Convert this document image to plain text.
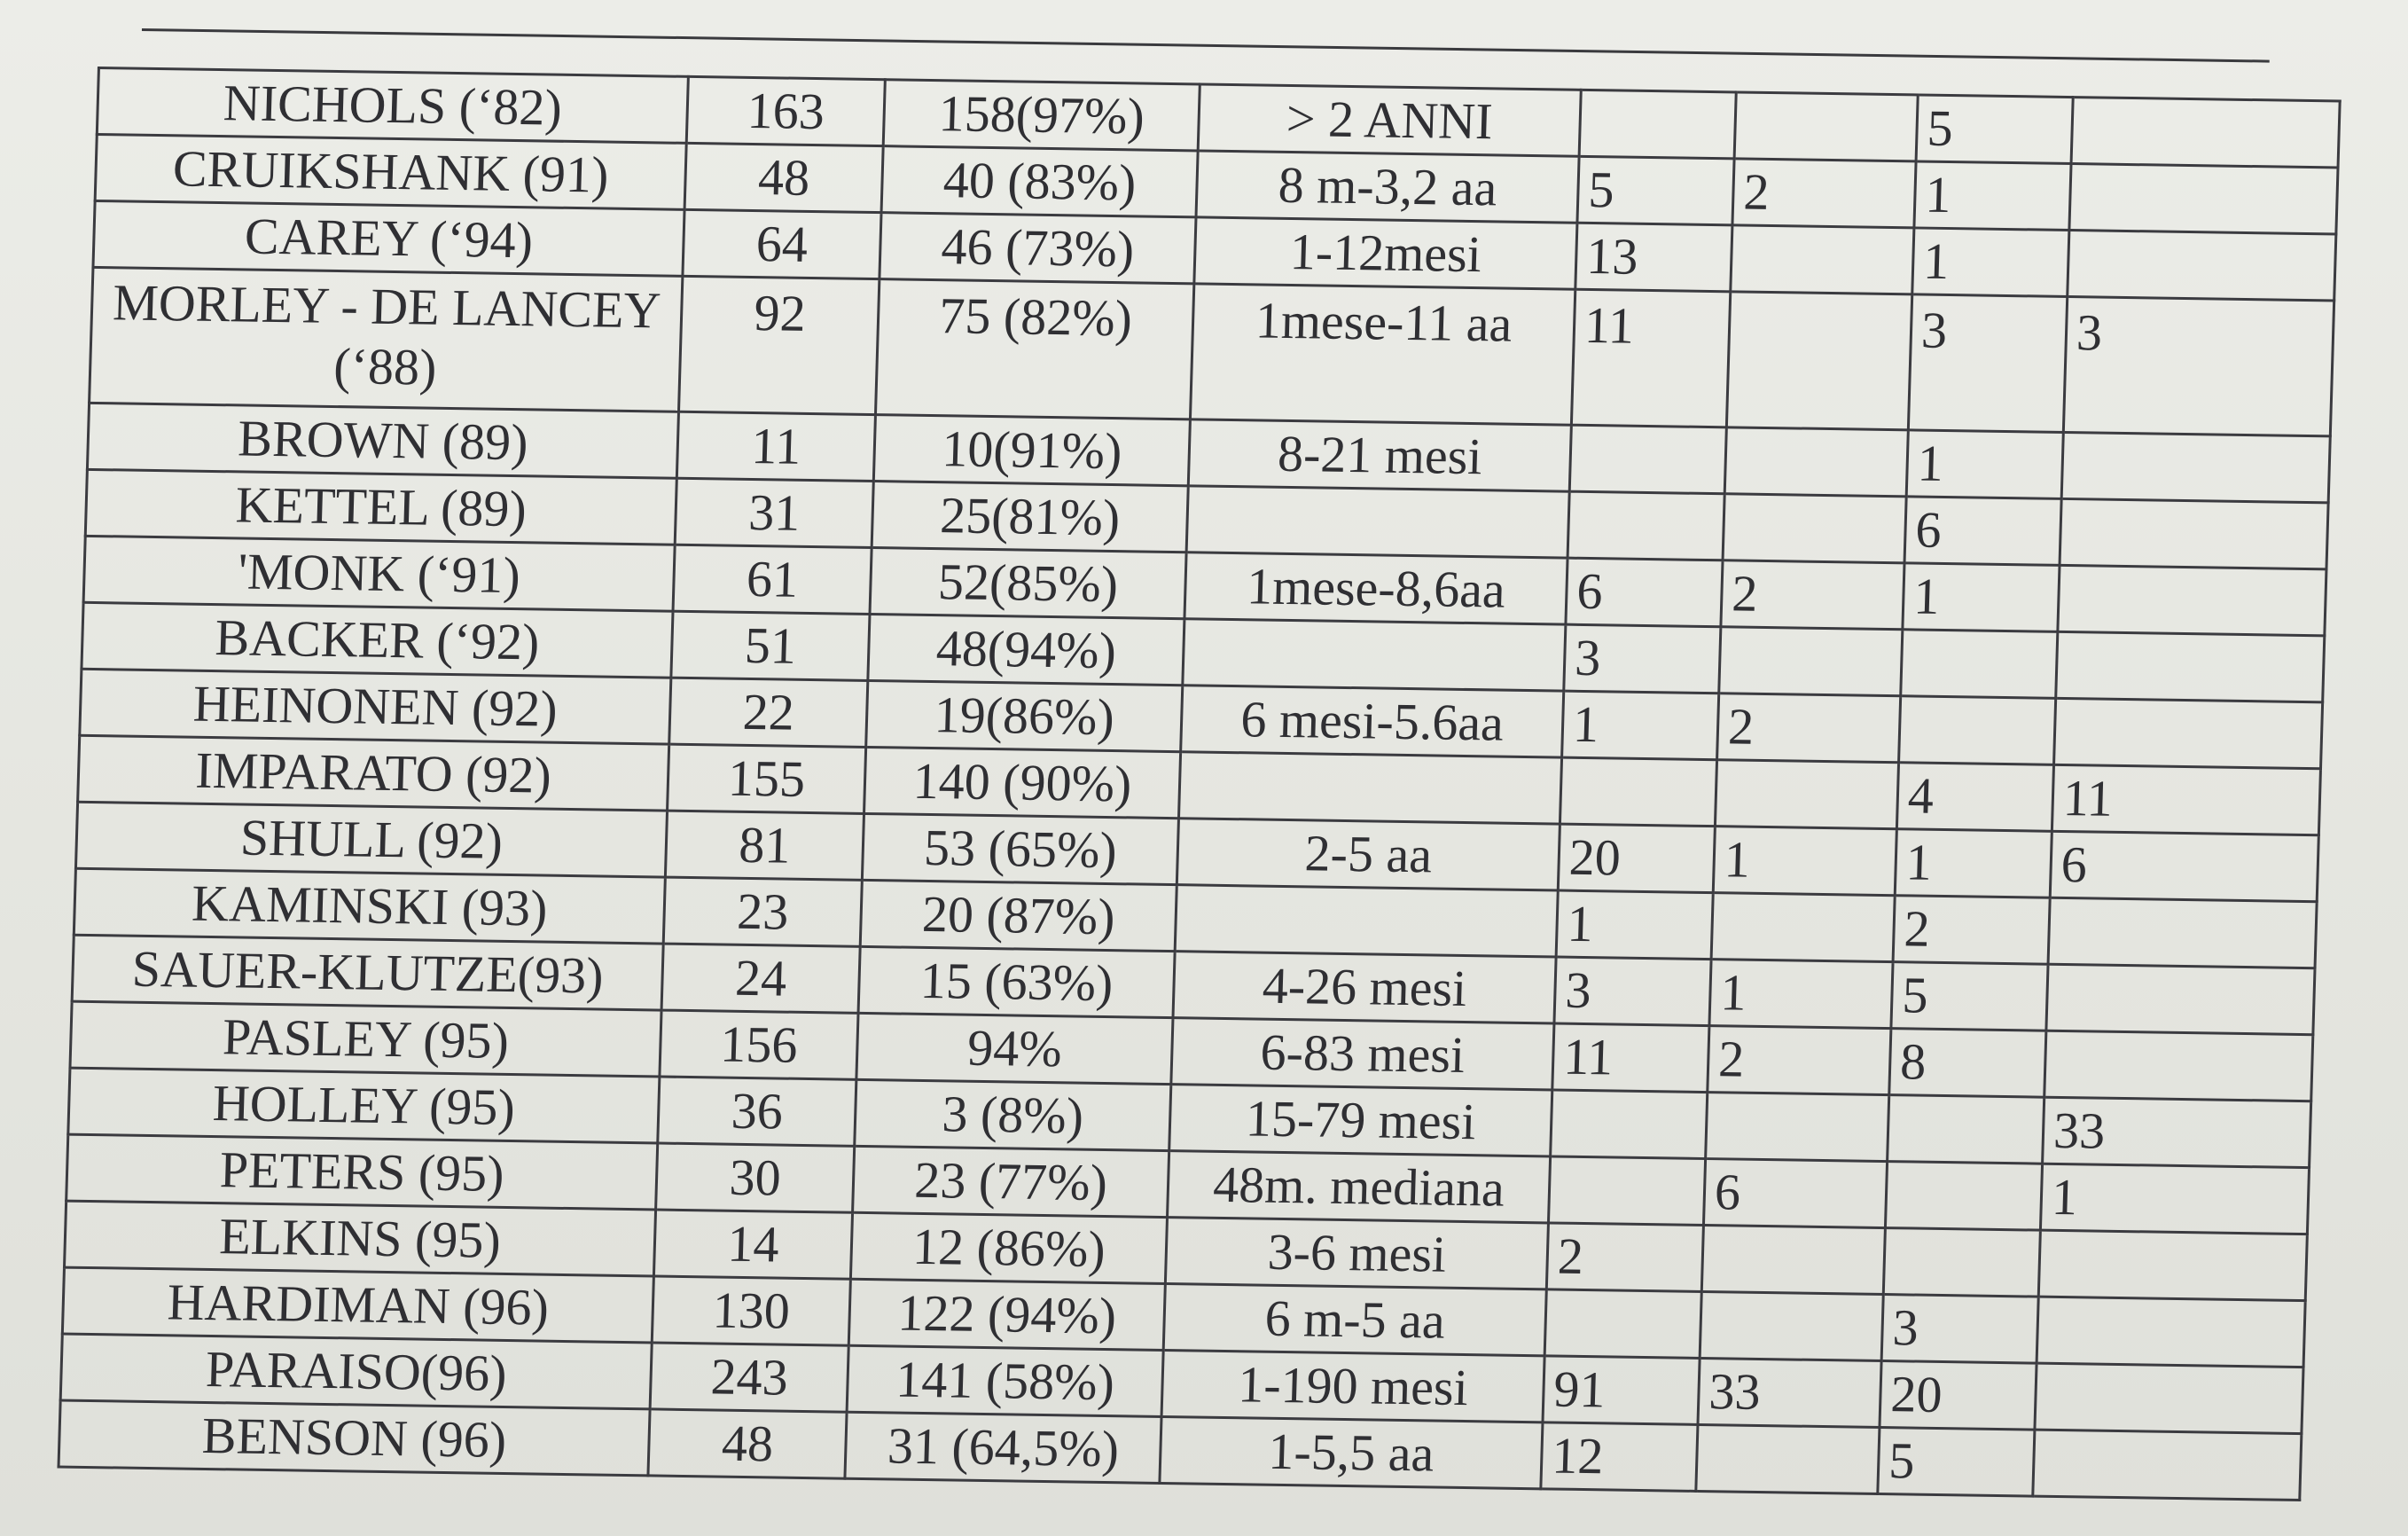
NICHOLS (‘82)	163	158(97%)	> 2 ANNI			5	
CRUIKSHANK (91)	48	40 (83%)	8 m-3,2 aa	5	2	1	
CAREY (‘94)	64	46 (73%)	1-12mesi	13		1	
MORLEY - DE LANCEY (‘88)	92	75 (82%)	1mese-11 aa	11		3	3
BROWN (89)	11	10(91%)	8-21 mesi			1	
KETTEL (89)	31	25(81%)				6	
'MONK (‘91)	61	52(85%)	1mese-8,6aa	6	2	1	
BACKER (‘92)	51	48(94%)		3			
HEINONEN (92)	22	19(86%)	6 mesi-5.6aa	1	2		
IMPARATO (92)	155	140 (90%)				4	11
SHULL (92)	81	53 (65%)	2-5 aa	20	1	1	6
KAMINSKI (93)	23	20 (87%)		1		2	
SAUER-KLUTZE(93)	24	15 (63%)	4-26 mesi	3	1	5	
PASLEY (95)	156	94%	6-83 mesi	11	2	8	
HOLLEY (95)	36	3 (8%)	15-79 mesi				33
PETERS (95)	30	23 (77%)	48m. mediana		6		1
ELKINS (95)	14	12 (86%)	3-6 mesi	2			
HARDIMAN (96)	130	122 (94%)	6 m-5 aa			3	
PARAISO(96)	243	141 (58%)	1-190 mesi	91	33	20	
BENSON (96)	48	31 (64,5%)	1-5,5 aa	12		5	
